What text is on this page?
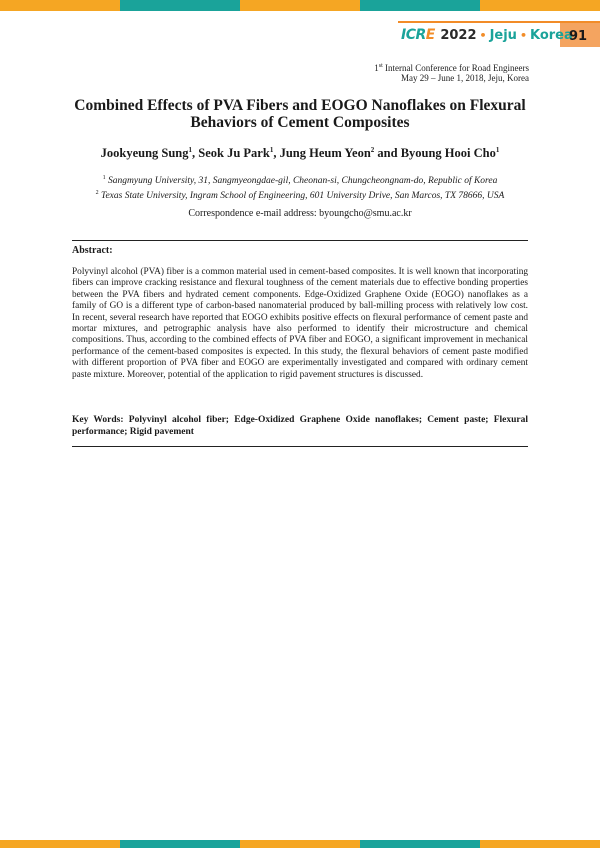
ICR E 2022 • Jeju • Korea
91
1st Internal Conference for Road Engineers
May 29 – June 1, 2018, Jeju, Korea
Combined Effects of PVA Fibers and EOGO Nanoflakes on Flexural Behaviors of Cement Composites
Jookyeung Sung$^1$, Seok Ju Park$^1$, Jung Heum Yeon$^2$ and Byoung Hooi Cho$^1$
$^1$ Sangmyung University, 31, Sangmyeongdae-gil, Cheonan-si, Chungcheongnam-do, Republic of Korea
$^2$ Texas State University, Ingram School of Engineering, 601 University Drive, San Marcos, TX 78666, USA
Correspondence e-mail address: byoungcho@smu.ac.kr
Abstract:
Polyvinyl alcohol (PVA) fiber is a common material used in cement-based composites. It is well known that incorporating fibers can improve cracking resistance and flexural toughness of the cement materials due to effective bonding properties between the PVA fibers and hydrated cement components. Edge-Oxidized Graphene Oxide (EOGO) nanoflakes as a family of GO is a different type of carbon-based nanomaterial produced by ball-milling process with relatively low cost. In recent, several research have reported that EOGO exhibits positive effects on flexural performance of cement paste and mortar mixtures, and petrographic analysis have also performed to identify their microstructure and chemical compositions. Thus, according to the combined effects of PVA fiber and EOGO, a significant improvement in mechanical performance of the cement-based composites is expected. In this study, the flexural behaviors of cement paste modified with different proportion of PVA fiber and EOGO are experimentally investigated and compared with ordinary cement paste mixture. Moreover, potential of the application to rigid pavement structures is discussed.
Key Words: Polyvinyl alcohol fiber; Edge-Oxidized Graphene Oxide nanoflakes; Cement paste; Flexural performance; Rigid pavement
